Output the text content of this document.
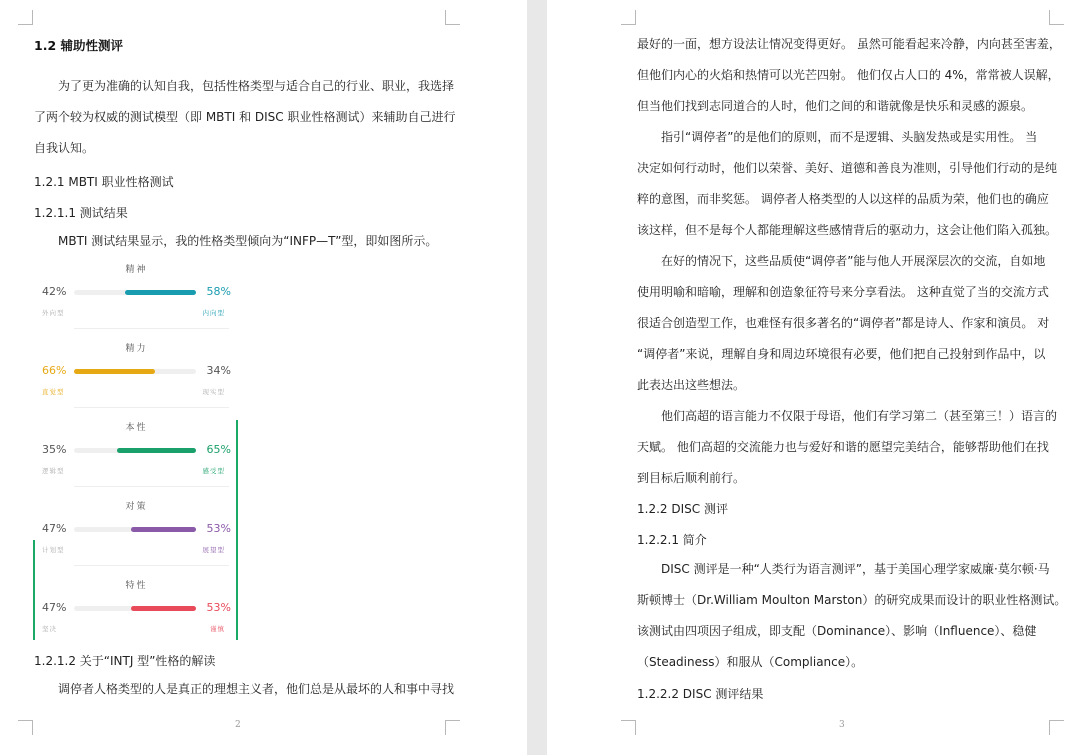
1.2 辅助性测评
为了更为准确的认知自我，包括性格类型与适合自己的行业、职业，我选择
了两个较为权威的测试模型（即 MBTI 和 DISC 职业性格测试）来辅助自己进行
自我认知。
1.2.1 MBTI 职业性格测试
1.2.1.1 测试结果
MBTI 测试结果显示，我的性格类型倾向为“INFP—T”型，即如图所示。
精神
42%	58%
外向型	内向型
精力
66%	34%
直觉型	现实型
本性
35%	65%
逻辑型	感受型
对策
47%	53%
计划型	展望型
特性
47%	53%
坚决	谨慎
1.2.1.2 关于“INTJ 型”性格的解读
调停者人格类型的人是真正的理想主义者，他们总是从最坏的人和事中寻找
2
最好的一面，想方设法让情况变得更好。 虽然可能看起来冷静，内向甚至害羞，
但他们内心的火焰和热情可以光芒四射。 他们仅占人口的 4%，常常被人误解，
但当他们找到志同道合的人时，他们之间的和谐就像是快乐和灵感的源泉。
指引“调停者”的是他们的原则，而不是逻辑、头脑发热或是实用性。 当
决定如何行动时，他们以荣誉、美好、道德和善良为准则，引导他们行动的是纯
粹的意图，而非奖惩。 调停者人格类型的人以这样的品质为荣，他们也的确应
该这样，但不是每个人都能理解这些感情背后的驱动力，这会让他们陷入孤独。
在好的情况下，这些品质使“调停者”能与他人开展深层次的交流，自如地
使用明喻和暗喻，理解和创造象征符号来分享看法。 这种直觉了当的交流方式
很适合创造型工作，也难怪有很多著名的“调停者”都是诗人、作家和演员。 对
“调停者”来说，理解自身和周边环境很有必要，他们把自己投射到作品中，以
此表达出这些想法。
他们高超的语言能力不仅限于母语，他们有学习第二（甚至第三！）语言的
天赋。 他们高超的交流能力也与爱好和谐的愿望完美结合，能够帮助他们在找
到目标后顺利前行。
1.2.2 DISC 测评
1.2.2.1 简介
DISC 测评是一种“人类行为语言测评”，基于美国心理学家威廉·莫尔顿·马
斯顿博士（Dr.William Moulton Marston）的研究成果而设计的职业性格测试。
该测试由四项因子组成，即支配（Dominance）、影响（Influence）、稳健
（Steadiness）和服从（Compliance）。
1.2.2.2 DISC 测评结果
3
